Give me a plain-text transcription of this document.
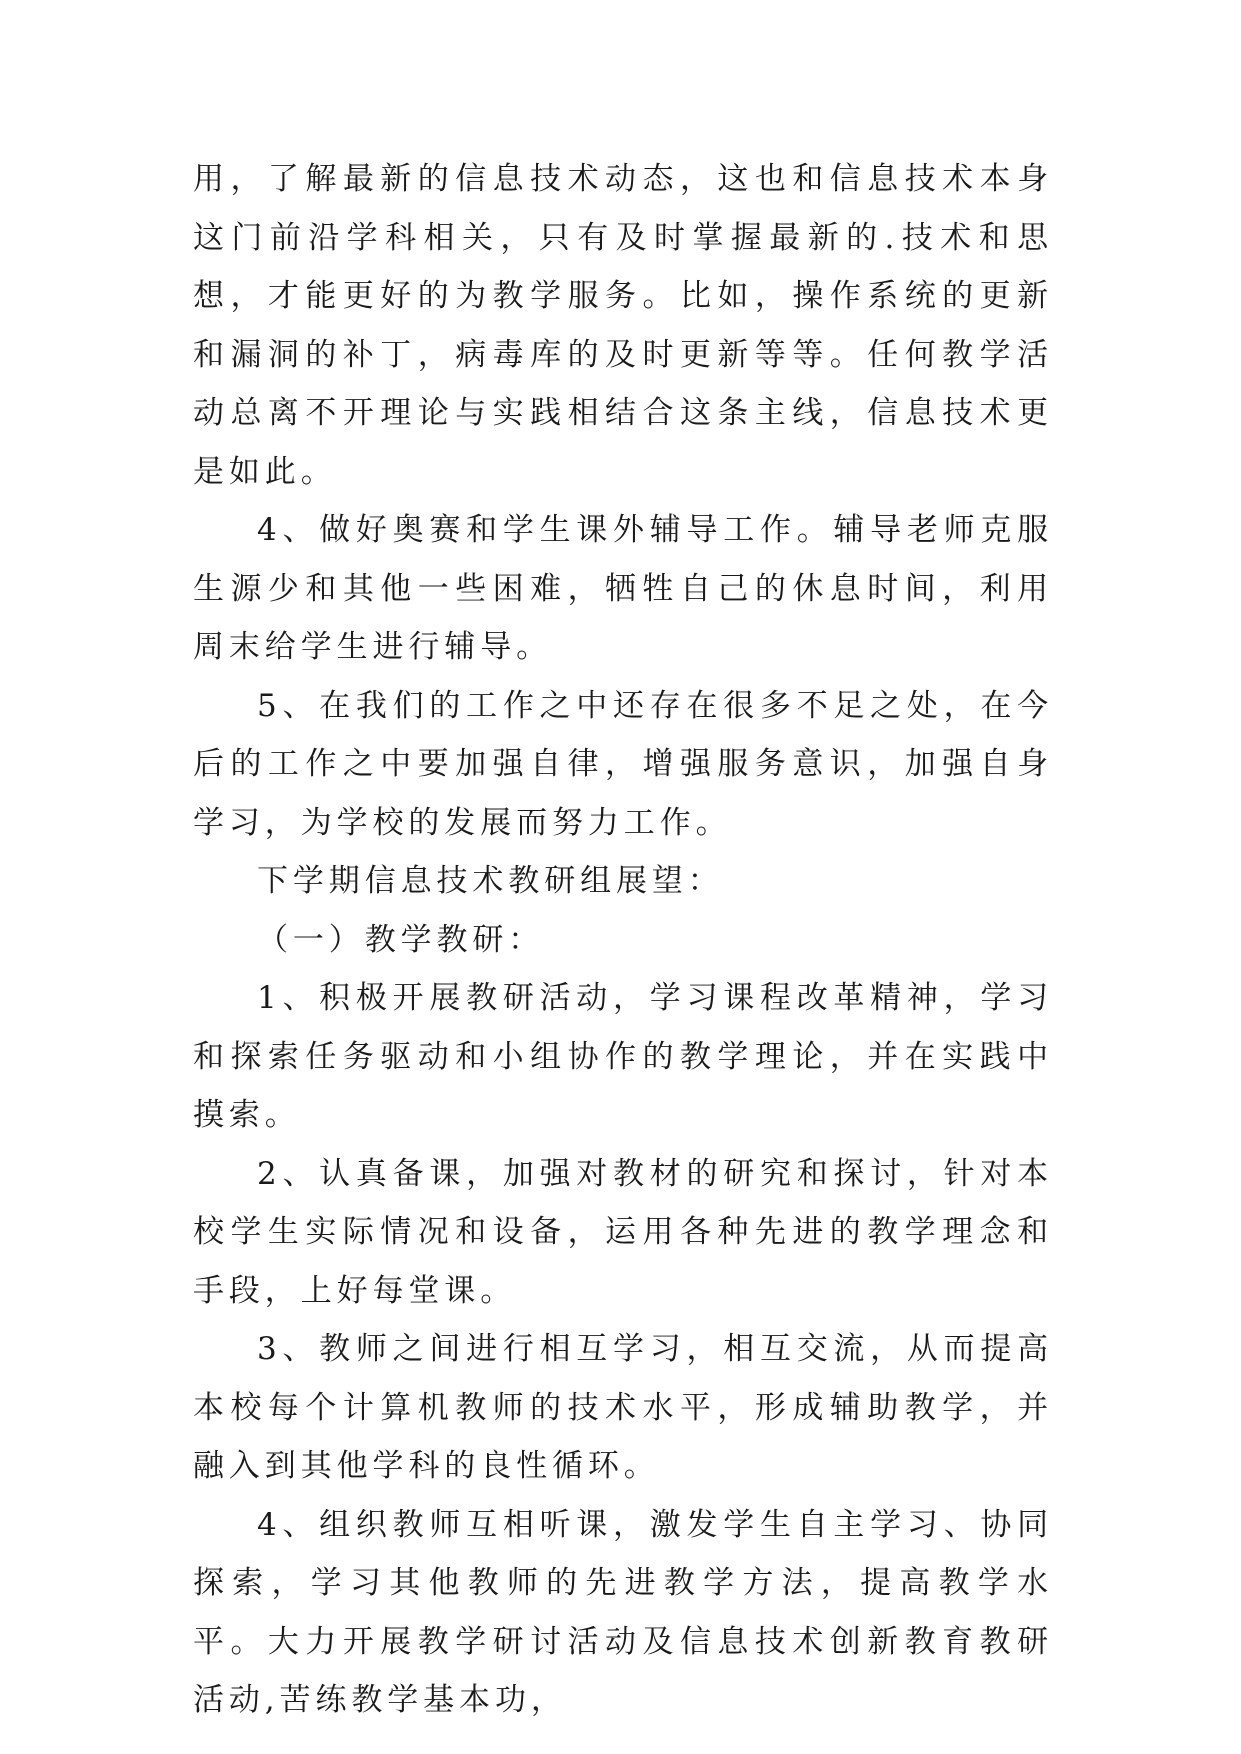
用，了解最新的信息技术动态，这也和信息技术本身这门前沿学科相关，只有及时掌握最新的.技术和思想，才能更好的为教学服务。比如，操作系统的更新和漏洞的补丁，病毒库的及时更新等等。任何教学活动总离不开理论与实践相结合这条主线，信息技术更是如此。

4、做好奥赛和学生课外辅导工作。辅导老师克服生源少和其他一些困难，牺牲自己的休息时间，利用周末给学生进行辅导。

5、在我们的工作之中还存在很多不足之处，在今后的工作之中要加强自律，增强服务意识，加强自身学习，为学校的发展而努力工作。

下学期信息技术教研组展望：

（一）教学教研：

1、积极开展教研活动，学习课程改革精神，学习和探索任务驱动和小组协作的教学理论，并在实践中摸索。

2、认真备课，加强对教材的研究和探讨，针对本校学生实际情况和设备，运用各种先进的教学理念和手段，上好每堂课。

3、教师之间进行相互学习，相互交流，从而提高本校每个计算机教师的技术水平，形成辅助教学，并融入到其他学科的良性循环。

4、组织教师互相听课，激发学生自主学习、协同探索，学习其他教师的先进教学方法，提高教学水平。大力开展教学研讨活动及信息技术创新教育教研活动,苦练教学基本功，
